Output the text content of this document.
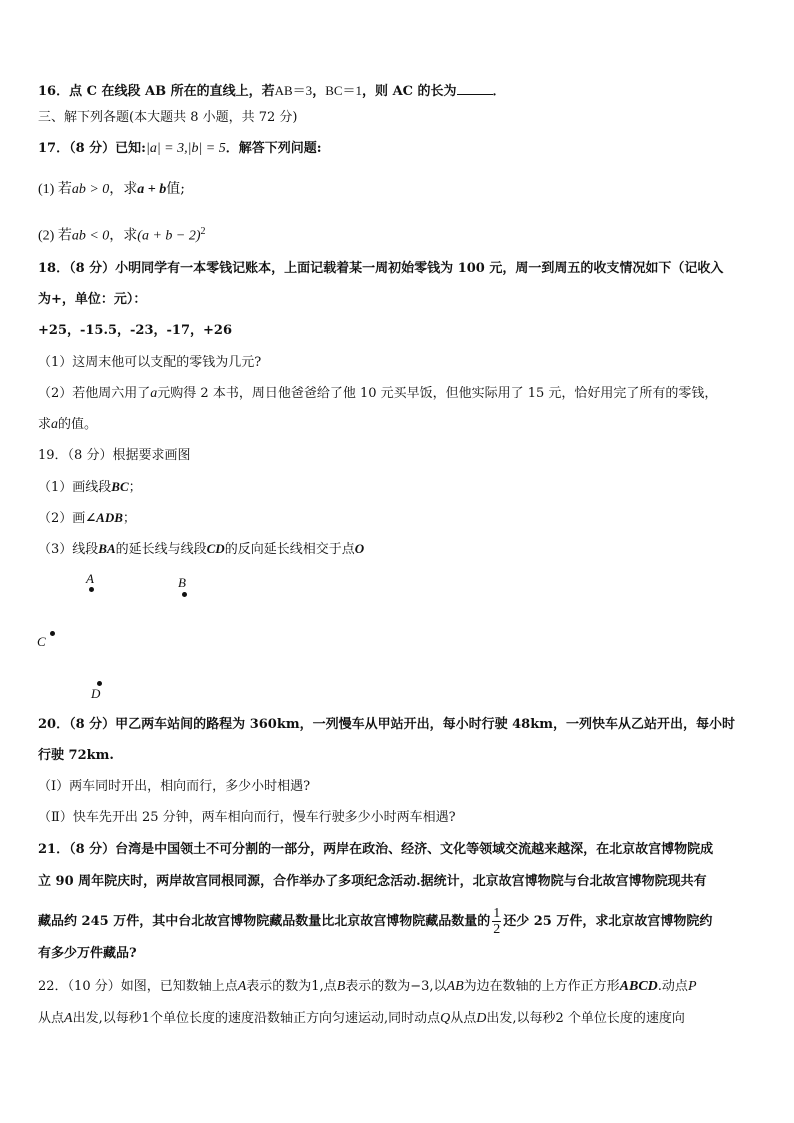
16．点 C 在线段 AB 所在的直线上，若AB＝3，BC＝1，则 AC 的长为	．
三、解下列各题(本大题共 8 小题，共 72 分)
17．（8 分）已知:|a| = 3,|b| = 5．解答下列问题:
(1) 若ab > 0，求a + b值;
(2) 若ab < 0，求$(a + b - 2)^2$
18．（8 分）小明同学有一本零钱记账本，上面记载着某一周初始零钱为 100 元，周一到周五的收支情况如下（记收入
为+，单位：元）：
+25，-15.5，-23，-17，+26
（1）这周末他可以支配的零钱为几元?
（2）若他周六用了a元购得 2 本书，周日他爸爸给了他 10 元买早饭，但他实际用了 15 元，恰好用完了所有的零钱，
求a的值。
19．（8 分）根据要求画图
（1）画线段BC；
（2）画∠ADB；
（3）线段BA的延长线与线段CD的反向延长线相交于点O
A	B
C
D
20．（8 分）甲乙两车站间的路程为 360km，一列慢车从甲站开出，每小时行驶 48km，一列快车从乙站开出，每小时
行驶 72km.
（Ⅰ）两车同时开出，相向而行，多少小时相遇?
（Ⅱ）快车先开出 25 分钟，两车相向而行，慢车行驶多少小时两车相遇?
21．（8 分）台湾是中国领土不可分割的一部分，两岸在政治、经济、文化等领域交流越来越深，在北京故宫博物院成
立 90 周年院庆时，两岸故宫同根同源，合作举办了多项纪念活动.据统计，北京故宫博物院与台北故宫博物院现共有
藏品约 245 万件，其中台北故宫博物院藏品数量比北京故宫博物院藏品数量的 $\frac{1}{2}$ 还少 25 万件，求北京故宫博物院约
有多少万件藏品?
22．（10 分）如图，已知数轴上点A表示的数为1,点B表示的数为−3,以AB为边在数轴的上方作正方形ABCD.动点P
从点A出发,以每秒1个单位长度的速度沿数轴正方向匀速运动,同时动点Q从点D出发,以每秒2 个单位长度的速度向
